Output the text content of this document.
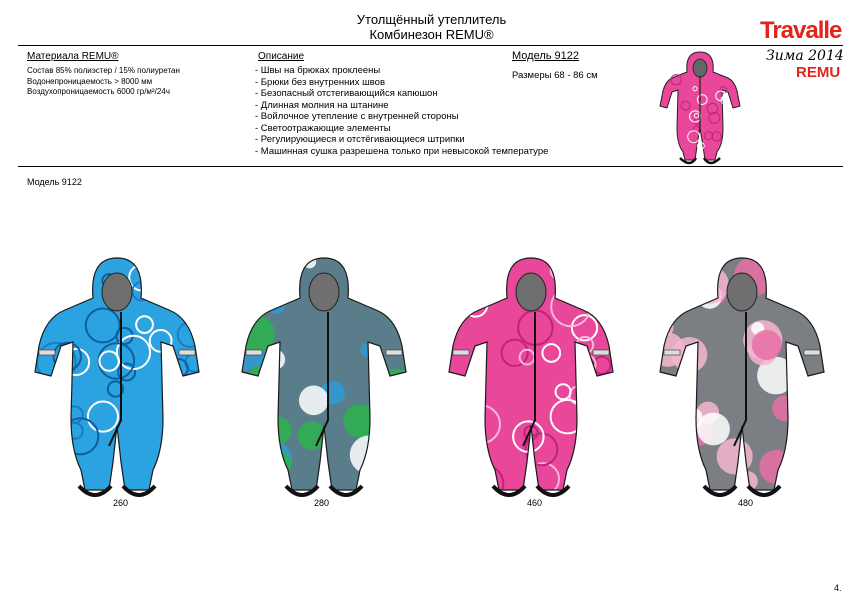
Утолщённый утеплитель
Комбинезон REMU®	Travalle
Зима 2014
REMU
Материала REMU®
Состав 85% полиэстер / 15% полиуретан
Водонепроницаемость > 8000 мм
Воздухопроницаемость 6000 гр/м²/24ч
Описание
- Швы на брюках проклеены
- Брюки без внутренних швов
- Безопасный отстегивающийся капюшон
- Длинная молния на штанине
- Войлочное утепление с внутренней стороны
- Светоотражающие элементы
- Регулирующиеся и отстёгивающиеся штрипки
- Машинная сушка разрешена только при невысокой температуре
Модель 9122
Размеры 68 - 86 см
Модель 9122
260	280	460	480
4.
